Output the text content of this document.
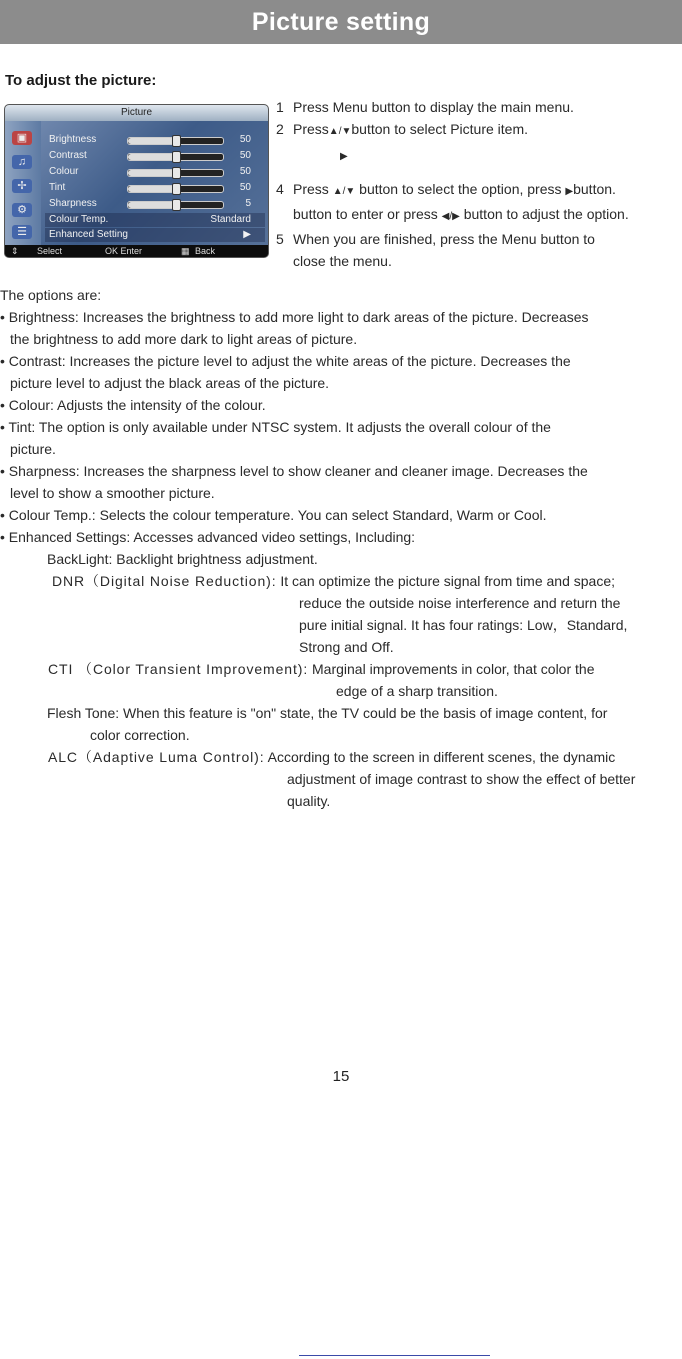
Picture setting
To adjust the picture:
Picture
▣
♫
✢
⚙
☰
Brightness	50
Contrast	50
Colour	50
Tint	50
Sharpness	5
Colour Temp.	Standard
Enhanced Setting	▶
⇕ Select	OK Enter	▦ Back
1 Press Menu button to display the main menu.
2 Press▲/▼button to select Picture item.
▶
4 Press ▲/▼ button to select the option, press ▶button.
button to enter or press ◀/▶ button to adjust the option.
5 When you are finished, press the Menu button to
close the menu.
The options are:
• Brightness: Increases the brightness to add more light to dark areas of the picture. Decreases
the brightness to add more dark to light areas of picture.
• Contrast: Increases the picture level to adjust the white areas of the picture. Decreases the
picture level to adjust the black areas of the picture.
• Colour: Adjusts the intensity of the colour.
• Tint: The option is only available under NTSC system. It adjusts the overall colour of the
picture.
• Sharpness: Increases the sharpness level to show cleaner and cleaner image. Decreases the
level to show a smoother picture.
• Colour Temp.: Selects the colour temperature. You can select Standard, Warm or Cool.
• Enhanced Settings: Accesses advanced video settings, Including:
BackLight: Backlight brightness adjustment.
DNR（Digital Noise Reduction): It can optimize the picture signal from time and space;
reduce the outside noise interference and return the
pure initial signal. It has four ratings: Low，Standard,
Strong and Off.
CTI （Color Transient Improvement): Marginal improvements in color, that color the
edge of a sharp transition.
Flesh Tone: When this feature is "on" state, the TV could be the basis of image content, for
color correction.
ALC（Adaptive Luma Control): According to the screen in different scenes, the dynamic
adjustment of image contrast to show the effect of better
quality.
15
